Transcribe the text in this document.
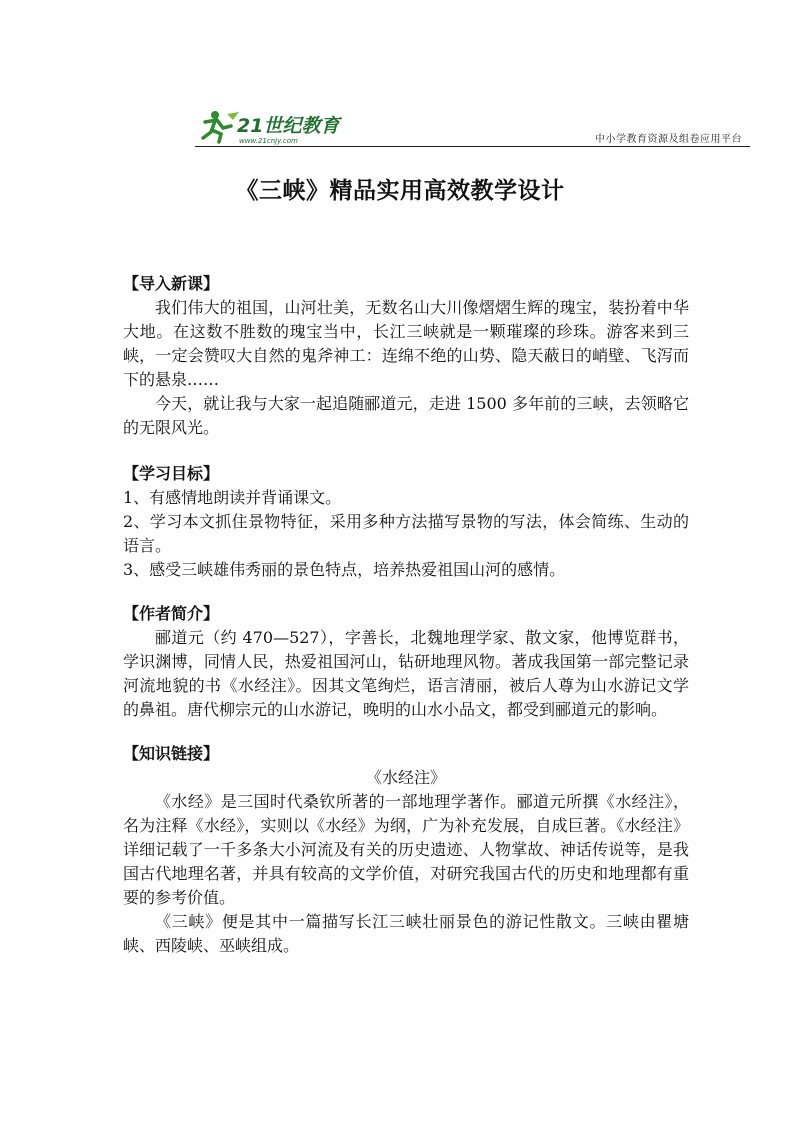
21世纪教育
www.21cnjy.com	中小学教育资源及组卷应用平台
《三峡》精品实用高效教学设计
【导入新课】

我们伟大的祖国，山河壮美，无数名山大川像熠熠生辉的瑰宝，装扮着中华大地。在这数不胜数的瑰宝当中，长江三峡就是一颗璀璨的珍珠。游客来到三峡，一定会赞叹大自然的鬼斧神工：连绵不绝的山势、隐天蔽日的峭壁、飞泻而下的悬泉……

今天，就让我与大家一起追随郦道元，走进 1500 多年前的三峡，去领略它的无限风光。

【学习目标】

1、有感情地朗读并背诵课文。

2、学习本文抓住景物特征，采用多种方法描写景物的写法，体会简练、生动的语言。

3、感受三峡雄伟秀丽的景色特点，培养热爱祖国山河的感情。

【作者简介】

郦道元（约 470—527），字善长，北魏地理学家、散文家，他博览群书，学识渊博，同情人民，热爱祖国河山，钻研地理风物。著成我国第一部完整记录河流地貌的书《水经注》。因其文笔绚烂，语言清丽，被后人尊为山水游记文学的鼻祖。唐代柳宗元的山水游记，晚明的山水小品文，都受到郦道元的影响。

【知识链接】

《水经注》

《水经》是三国时代桑钦所著的一部地理学著作。郦道元所撰《水经注》，名为注释《水经》，实则以《水经》为纲，广为补充发展，自成巨著。《水经注》详细记载了一千多条大小河流及有关的历史遗迹、人物掌故、神话传说等，是我国古代地理名著，并具有较高的文学价值，对研究我国古代的历史和地理都有重要的参考价值。

《三峡》便是其中一篇描写长江三峡壮丽景色的游记性散文。三峡由瞿塘峡、西陵峡、巫峡组成。
